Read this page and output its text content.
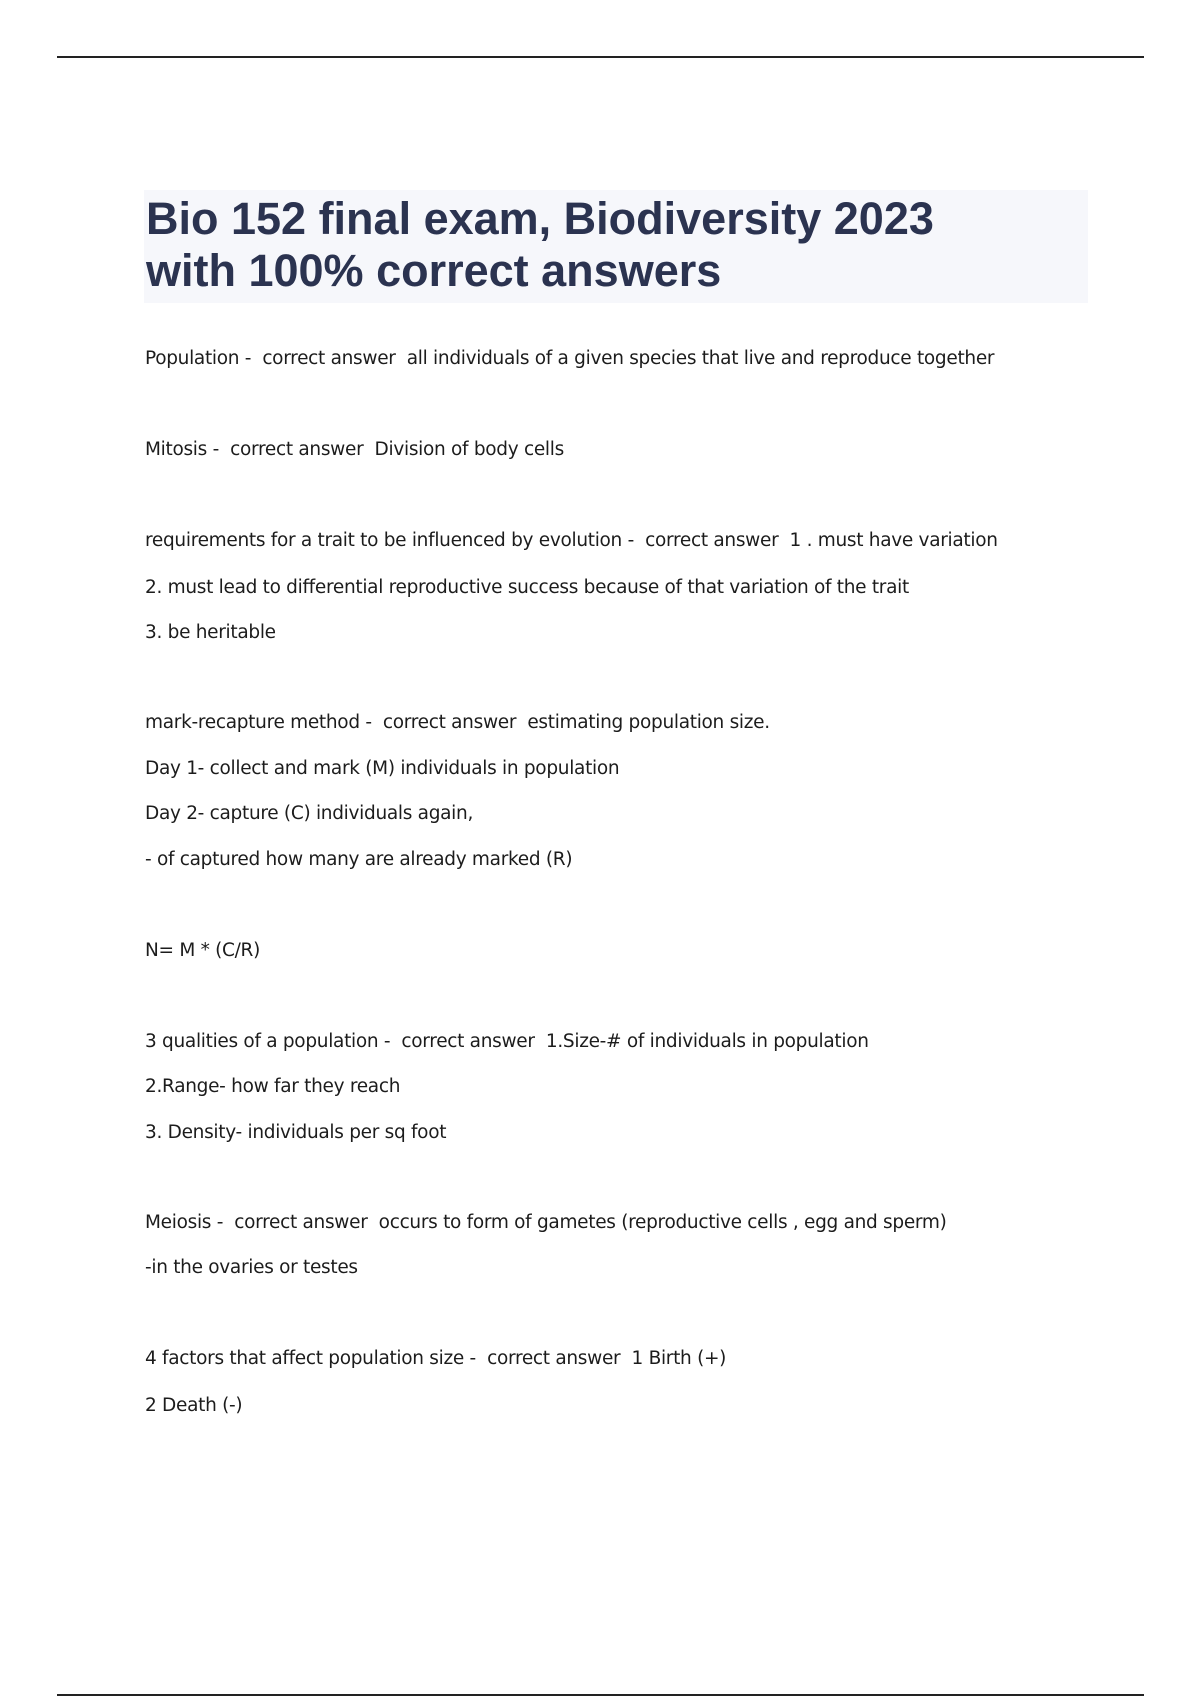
Bio 152 final exam, Biodiversity 2023
with 100% correct answers
Population -  correct answer  all individuals of a given species that live and reproduce together
Mitosis -  correct answer  Division of body cells
requirements for a trait to be influenced by evolution -  correct answer  1 . must have variation
2. must lead to differential reproductive success because of that variation of the trait
3. be heritable
mark-recapture method -  correct answer  estimating population size.
Day 1- collect and mark (M) individuals in population
Day 2- capture (C) individuals again,
- of captured how many are already marked (R)
N= M * (C/R)
3 qualities of a population -  correct answer  1.Size-# of individuals in population
2.Range- how far they reach
3. Density- individuals per sq foot
Meiosis -  correct answer  occurs to form of gametes (reproductive cells , egg and sperm)
-in the ovaries or testes
4 factors that affect population size -  correct answer  1 Birth (+)
2 Death (-)
